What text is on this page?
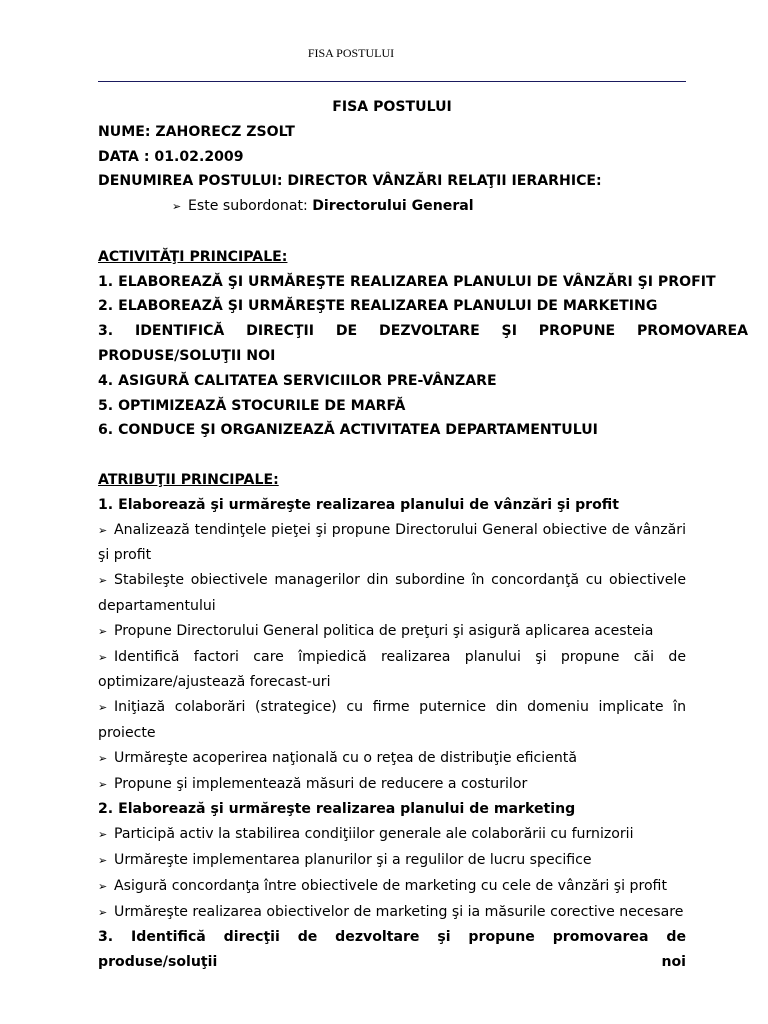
FISA POSTULUI
FISA POSTULUI
NUME: ZAHORECZ ZSOLT
DATA : 01.02.2009
DENUMIREA POSTULUI: DIRECTOR VÂNZĂRI RELAŢII IERARHICE:
➢ Este subordonat: Directorului General
ACTIVITĂŢI PRINCIPALE:
1. ELABOREAZĂ ŞI URMĂREŞTE REALIZAREA PLANULUI DE VÂNZĂRI ŞI PROFIT
2. ELABOREAZĂ ŞI URMĂREŞTE REALIZAREA PLANULUI DE MARKETING
3. IDENTIFICĂ DIRECŢII DE DEZVOLTARE ŞI PROPUNE PROMOVAREA
PRODUSE/SOLUŢII NOI
4. ASIGURĂ CALITATEA SERVICIILOR PRE-VÂNZARE
5. OPTIMIZEAZĂ STOCURILE DE MARFĂ
6. CONDUCE ŞI ORGANIZEAZĂ ACTIVITATEA DEPARTAMENTULUI
ATRIBUŢII PRINCIPALE:
1. Elaborează şi urmăreşte realizarea planului de vânzări şi profit
➢ Analizează tendinţele pieţei şi propune Directorului General obiective de vânzări şi profit
➢ Stabileşte obiectivele managerilor din subordine în concordanţă cu obiectivele departamentului
➢ Propune Directorului General politica de preţuri şi asigură aplicarea acesteia
➢ Identifică factori care împiedică realizarea planului şi propune căi de optimizare/ajustează forecast-uri
➢ Iniţiază colaborări (strategice) cu firme puternice din domeniu implicate în proiecte
➢ Urmăreşte acoperirea naţională cu o reţea de distribuţie eficientă
➢ Propune şi implementează măsuri de reducere a costurilor
2. Elaborează şi urmăreşte realizarea planului de marketing
➢ Participă activ la stabilirea condiţiilor generale ale colaborării cu furnizorii
➢ Urmăreşte implementarea planurilor şi a regulilor de lucru specifice
➢ Asigură concordanţa între obiectivele de marketing cu cele de vânzări şi profit
➢ Urmăreşte realizarea obiectivelor de marketing şi ia măsurile corective necesare
3. Identifică direcţii de dezvoltare şi propune promovarea de produse/soluţii noi
